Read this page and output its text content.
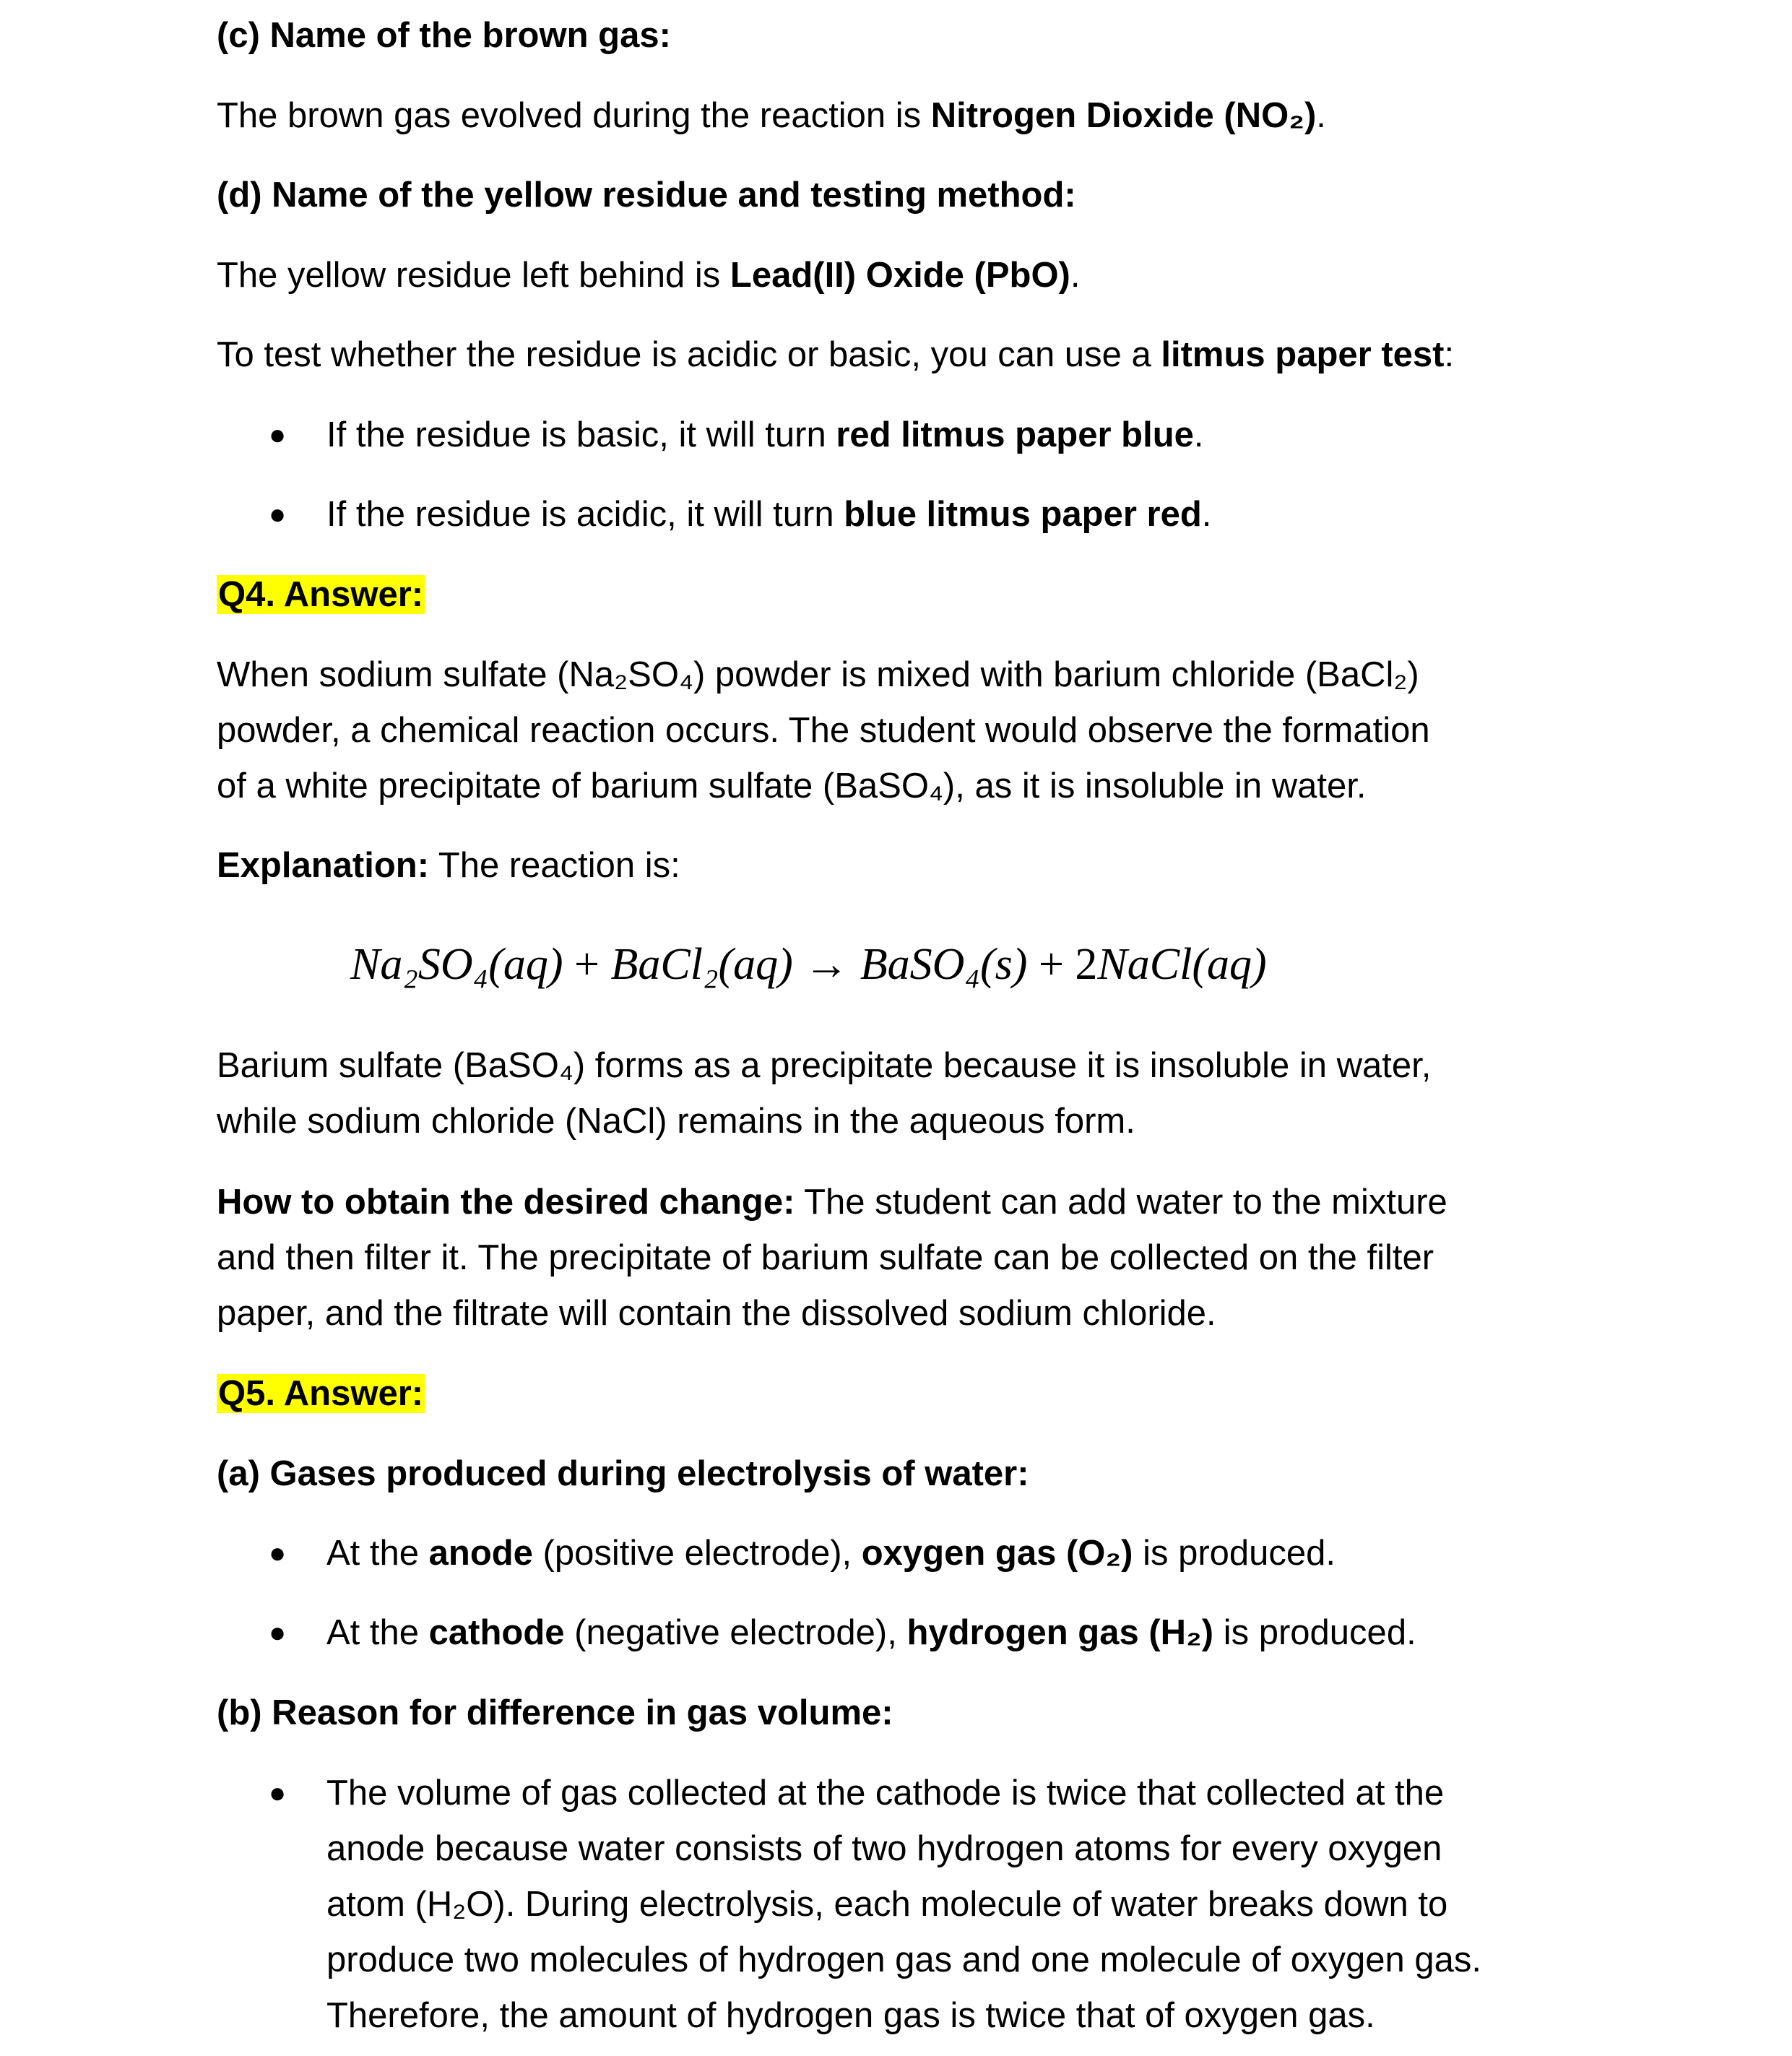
(c) Name of the brown gas:

The brown gas evolved during the reaction is Nitrogen Dioxide (NO₂).

(d) Name of the yellow residue and testing method:

The yellow residue left behind is Lead(II) Oxide (PbO).

To test whether the residue is acidic or basic, you can use a litmus paper test:

● If the residue is basic, it will turn red litmus paper blue.
● If the residue is acidic, it will turn blue litmus paper red.

Q4. Answer:

When sodium sulfate (Na₂SO₄) powder is mixed with barium chloride (BaCl₂)

powder, a chemical reaction occurs. The student would observe the formation

of a white precipitate of barium sulfate (BaSO₄), as it is insoluble in water.

Explanation: The reaction is:

Na₂SO₄(aq) + BaCl₂(aq) → BaSO₄(s) + 2NaCl(aq)

Barium sulfate (BaSO₄) forms as a precipitate because it is insoluble in water,

while sodium chloride (NaCl) remains in the aqueous form.

How to obtain the desired change: The student can add water to the mixture

and then filter it. The precipitate of barium sulfate can be collected on the filter

paper, and the filtrate will contain the dissolved sodium chloride.

Q5. Answer:

(a) Gases produced during electrolysis of water:

● At the anode (positive electrode), oxygen gas (O₂) is produced.
● At the cathode (negative electrode), hydrogen gas (H₂) is produced.

(b) Reason for difference in gas volume:

● The volume of gas collected at the cathode is twice that collected at the
anode because water consists of two hydrogen atoms for every oxygen
atom (H₂O). During electrolysis, each molecule of water breaks down to
produce two molecules of hydrogen gas and one molecule of oxygen gas.
Therefore, the amount of hydrogen gas is twice that of oxygen gas.
